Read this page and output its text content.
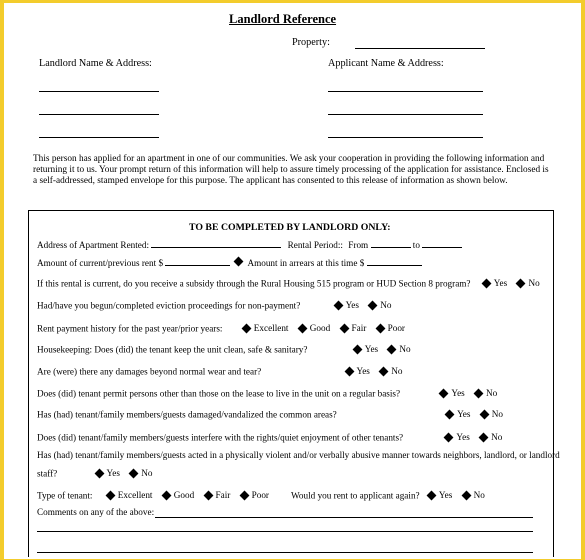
Landlord Reference
Property:
Landlord Name & Address:	Applicant Name & Address:
This person has applied for an apartment in one of our communities. We ask your cooperation in providing the following information and returning it to us. Your prompt return of this information will help to assure timely processing of the application for assistance. Enclosed is a self-addressed, stamped envelope for this purpose. The applicant has consented to this release of information as shown below.
TO BE COMPLETED BY LANDLORD ONLY:
Address of Apartment Rented:	Rental Period:: From	to
Amount of current/previous rent $	Amount in arrears at this time $
If this rental is current, do you receive a subsidy through the Rural Housing 515 program or HUD Section 8 program?	Yes
No
Had/have you begun/completed eviction proceedings for non-payment?	Yes
No
Rent payment history for the past year/prior years:	Excellent
Good
Fair
Poor
Housekeeping: Does (did) the tenant keep the unit clean, safe & sanitary?	Yes
No
Are (were) there any damages beyond normal wear and tear?	Yes
No
Does (did) tenant permit persons other than those on the lease to live in the unit on a regular basis?	Yes
No
Has (had) tenant/family members/guests damaged/vandalized the common areas?	Yes
No
Does (did) tenant/family members/guests interfere with the rights/quiet enjoyment of other tenants?	Yes
No
Has (had) tenant/family members/guests acted in a physically violent and/or verbally abusive manner towards neighbors, landlord, or landlord
staff?	Yes
No
Type of tenant:	Excellent
Good
Fair
Poor Would you rent to applicant again? Yes
No
Comments on any of the above:
